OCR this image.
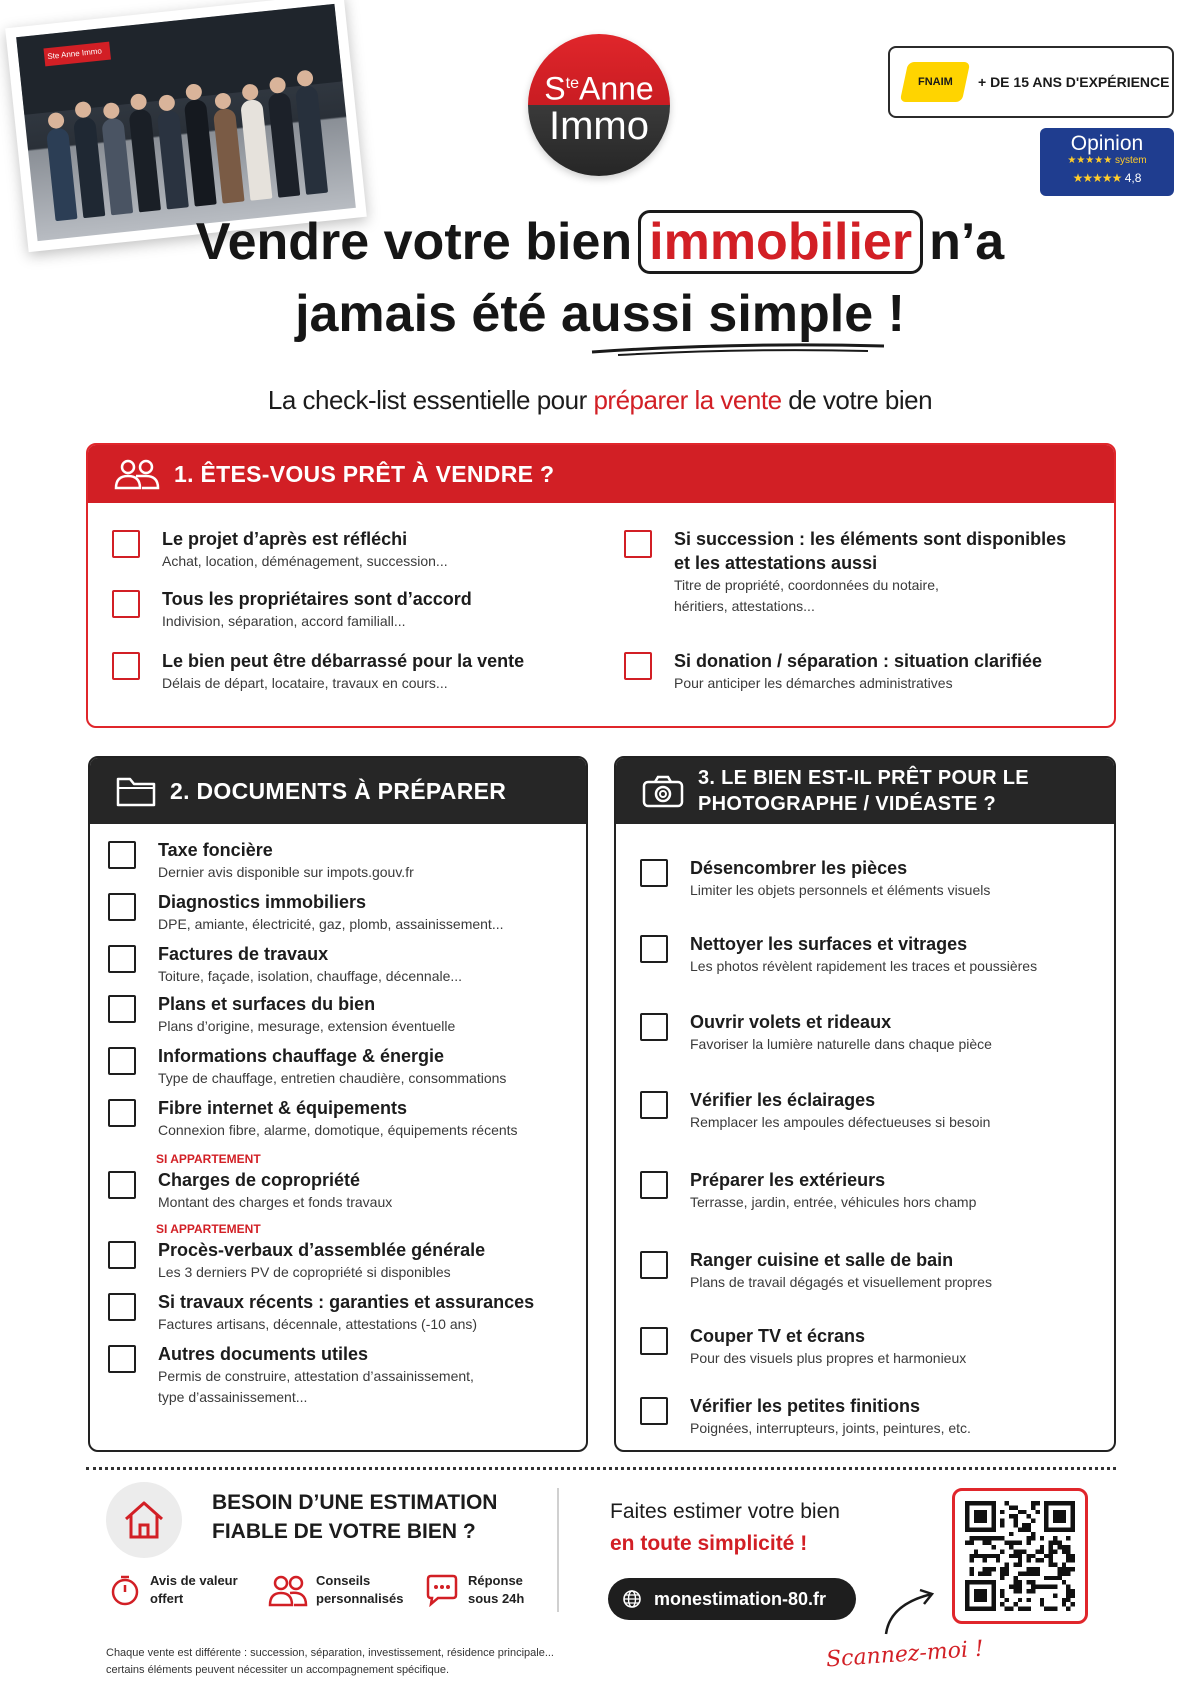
Ste Anne Immo
$S^{te}Anne$
Immo
FNAIM + DE 15 ANS D'EXPÉRIENCE
Opinion
★★★★★ system
★★★★★ 4,8
Vendre votre bien immobilier n’a
jamais été aussi simple !
La check-list essentielle pour préparer la vente de votre bien
1. ÊTES-VOUS PRÊT À VENDRE ?
Le projet d’après est réfléchi
Achat, location, déménagement, succession...
Tous les propriétaires sont d’accord
Indivision, séparation, accord familiall...
Le bien peut être débarrassé pour la vente
Délais de départ, locataire, travaux en cours...
Si succession : les éléments sont disponibles
et les attestations aussi
Titre de propriété, coordonnées du notaire,
héritiers, attestations...
Si donation / séparation : situation clarifiée
Pour anticiper les démarches administratives
2. DOCUMENTS À PRÉPARER
Taxe foncière
Dernier avis disponible sur impots.gouv.fr
Diagnostics immobiliers
DPE, amiante, électricité, gaz, plomb, assainissement...
Factures de travaux
Toiture, façade, isolation, chauffage, décennale...
Plans et surfaces du bien
Plans d’origine, mesurage, extension éventuelle
Informations chauffage & énergie
Type de chauffage, entretien chaudière, consommations
Fibre internet & équipements
Connexion fibre, alarme, domotique, équipements récents
SI APPARTEMENT
Charges de copropriété
Montant des charges et fonds travaux
SI APPARTEMENT
Procès-verbaux d’assemblée générale
Les 3 derniers PV de copropriété si disponibles
Si travaux récents : garanties et assurances
Factures artisans, décennale, attestations (-10 ans)
Autres documents utiles
Permis de construire, attestation d’assainissement,
type d’assainissement...
3. LE BIEN EST-IL PRÊT POUR LE
PHOTOGRAPHE / VIDÉASTE ?
Désencombrer les pièces
Limiter les objets personnels et éléments visuels
Nettoyer les surfaces et vitrages
Les photos révèlent rapidement les traces et poussières
Ouvrir volets et rideaux
Favoriser la lumière naturelle dans chaque pièce
Vérifier les éclairages
Remplacer les ampoules défectueuses si besoin
Préparer les extérieurs
Terrasse, jardin, entrée, véhicules hors champ
Ranger cuisine et salle de bain
Plans de travail dégagés et visuellement propres
Couper TV et écrans
Pour des visuels plus propres et harmonieux
Vérifier les petites finitions
Poignées, interrupteurs, joints, peintures, etc.
BESOIN D’UNE ESTIMATION
FIABLE DE VOTRE BIEN ?
Avis de valeur
offert
Conseils
personnalisés
Réponse
sous 24h
Faites estimer votre bien
en toute simplicité !
monestimation-80.fr
Scannez-moi !
Chaque vente est différente : succession, séparation, investissement, résidence principale...
certains éléments peuvent nécessiter un accompagnement spécifique.
